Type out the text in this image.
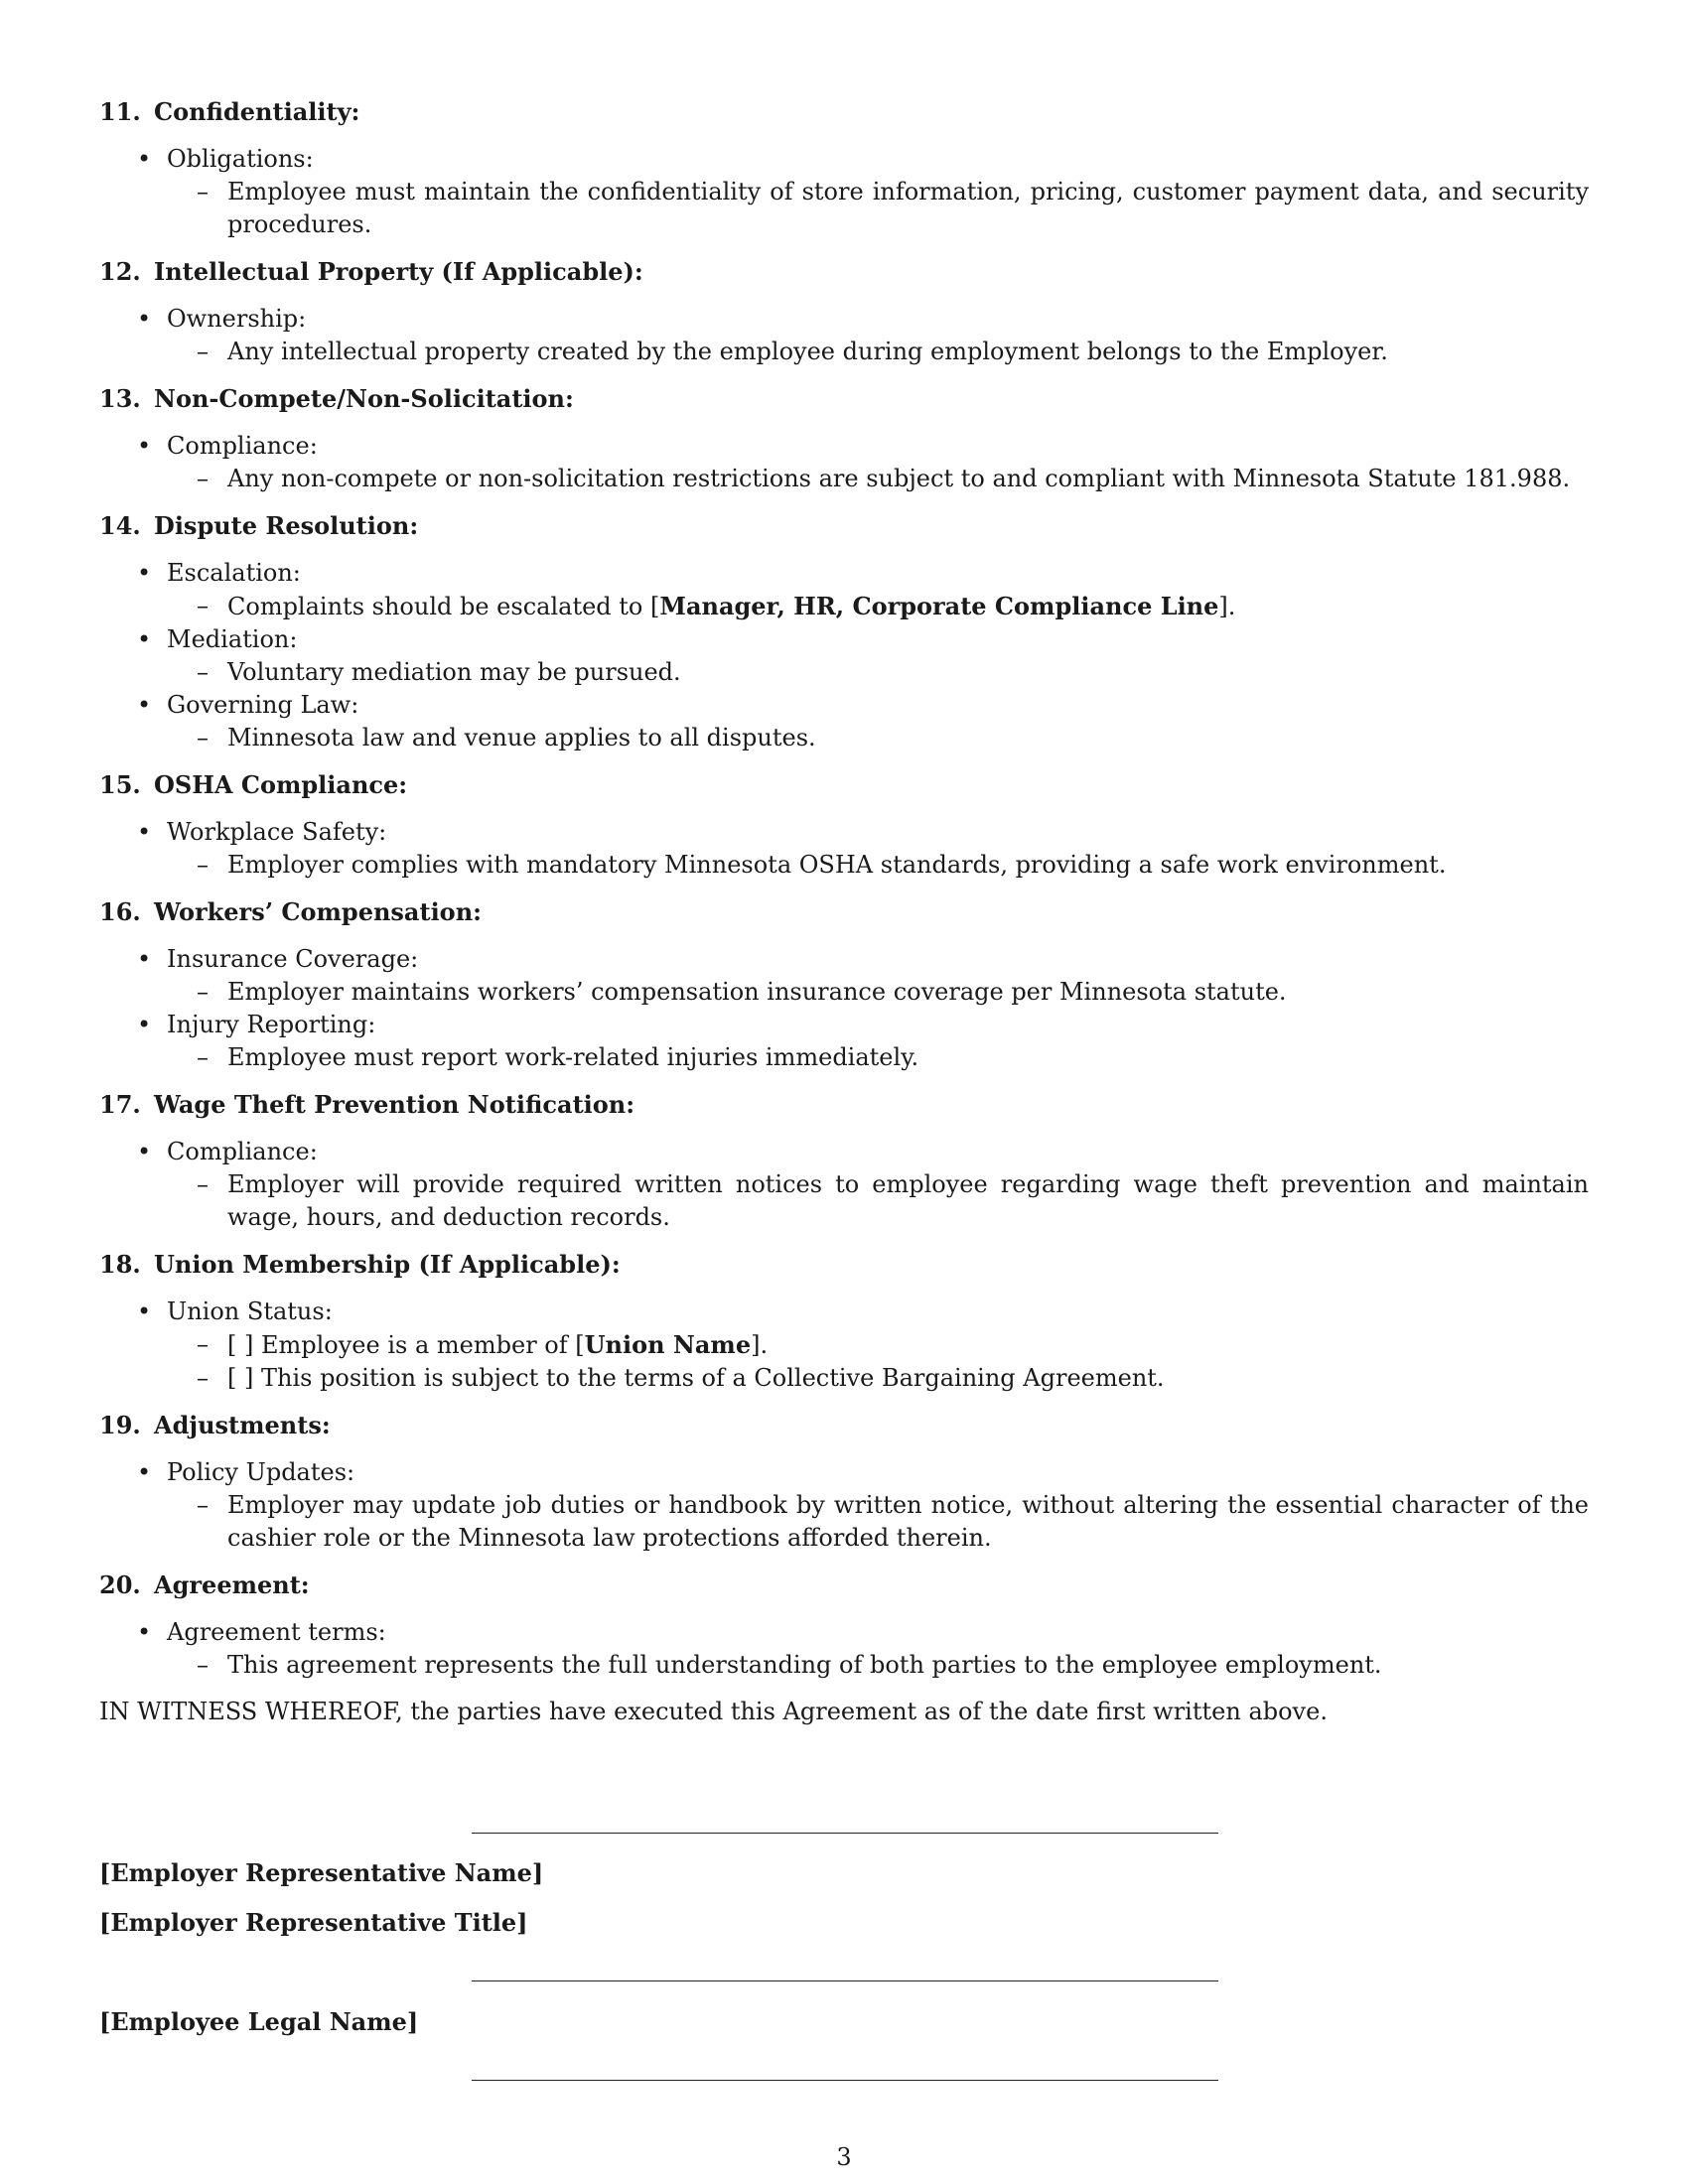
11. Confidentiality:
• Obligations:
– Employee must maintain the confidentiality of store information, pricing, customer payment data, and security procedures.
12. Intellectual Property (If Applicable):
• Ownership:
– Any intellectual property created by the employee during employment belongs to the Employer.
13. Non-Compete/Non-Solicitation:
• Compliance:
– Any non-compete or non-solicitation restrictions are subject to and compliant with Minnesota Statute 181.988.
14. Dispute Resolution:
• Escalation:
– Complaints should be escalated to [Manager, HR, Corporate Compliance Line].
• Mediation:
– Voluntary mediation may be pursued.
• Governing Law:
– Minnesota law and venue applies to all disputes.
15. OSHA Compliance:
• Workplace Safety:
– Employer complies with mandatory Minnesota OSHA standards, providing a safe work environment.
16. Workers’ Compensation:
• Insurance Coverage:
– Employer maintains workers’ compensation insurance coverage per Minnesota statute.
• Injury Reporting:
– Employee must report work-related injuries immediately.
17. Wage Theft Prevention Notification:
• Compliance:
– Employer will provide required written notices to employee regarding wage theft prevention and maintain wage, hours, and deduction records.
18. Union Membership (If Applicable):
• Union Status:
– [ ] Employee is a member of [Union Name].
– [ ] This position is subject to the terms of a Collective Bargaining Agreement.
19. Adjustments:
• Policy Updates:
– Employer may update job duties or handbook by written notice, without altering the essential character of the cashier role or the Minnesota law protections afforded therein.
20. Agreement:
• Agreement terms:
– This agreement represents the full understanding of both parties to the employee employment.
IN WITNESS WHEREOF, the parties have executed this Agreement as of the date first written above.
[Employer Representative Name]
[Employer Representative Title]
[Employee Legal Name]
3
